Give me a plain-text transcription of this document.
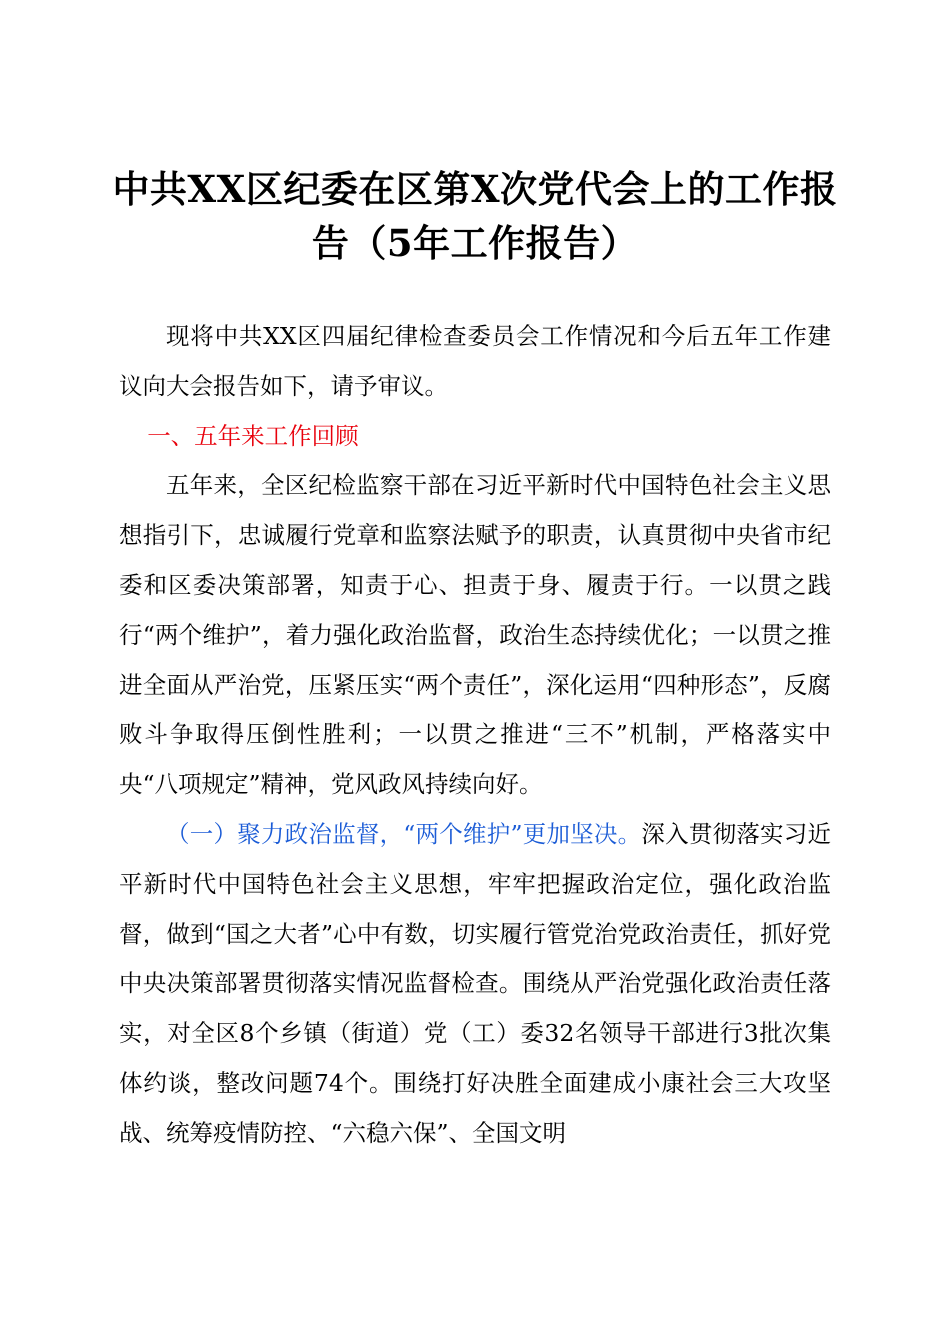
中共XX区纪委在区第X次党代会上的工作报告（5年工作报告）

现将中共XX区四届纪律检查委员会工作情况和今后五年工作建议向大会报告如下，请予审议。

一、五年来工作回顾

五年来，全区纪检监察干部在习近平新时代中国特色社会主义思想指引下，忠诚履行党章和监察法赋予的职责，认真贯彻中央省市纪委和区委决策部署，知责于心、担责于身、履责于行。一以贯之践行“两个维护”，着力强化政治监督，政治生态持续优化；一以贯之推进全面从严治党，压紧压实“两个责任”，深化运用“四种形态”，反腐败斗争取得压倒性胜利；一以贯之推进“三不”机制，严格落实中央“八项规定”精神，党风政风持续向好。

（一）聚力政治监督，“两个维护”更加坚决。深入贯彻落实习近平新时代中国特色社会主义思想，牢牢把握政治定位，强化政治监督，做到“国之大者”心中有数，切实履行管党治党政治责任，抓好党中央决策部署贯彻落实情况监督检查。围绕从严治党强化政治责任落实，对全区8个乡镇（街道）党（工）委32名领导干部进行3批次集体约谈，整改问题74个。围绕打好决胜全面建成小康社会三大攻坚战、统筹疫情防控、“六稳六保”、全国文明
